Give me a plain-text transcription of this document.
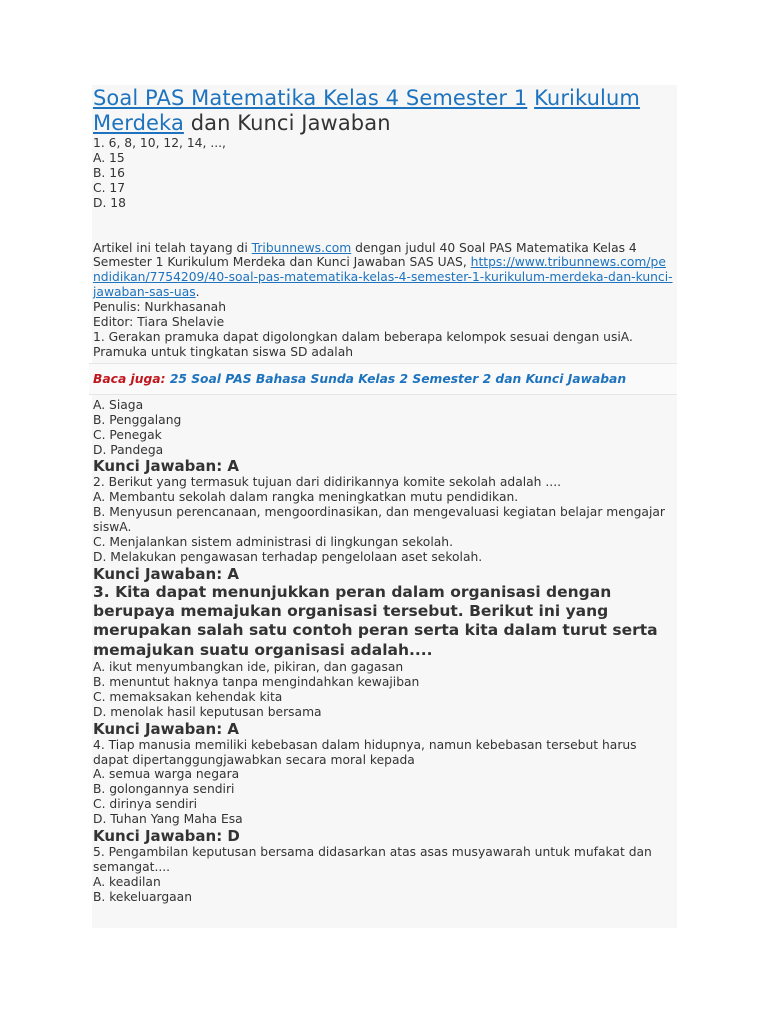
Soal PAS Matematika Kelas 4 Semester 1 Kurikulum Merdeka dan Kunci Jawaban

1. 6, 8, 10, 12, 14, ...,

A. 15

B. 16

C. 17

D. 18

Artikel ini telah tayang di Tribunnews.com dengan judul 40 Soal PAS Matematika Kelas 4 Semester 1 Kurikulum Merdeka dan Kunci Jawaban SAS UAS, https://www.tribunnews.com/pendidikan/7754209/40-soal-pas-matematika-kelas-4-semester-1-kurikulum-merdeka-dan-kunci-jawaban-sas-uas.

Penulis: Nurkhasanah

Editor: Tiara Shelavie

1. Gerakan pramuka dapat digolongkan dalam beberapa kelompok sesuai dengan usiA. Pramuka untuk tingkatan siswa SD adalah

Baca juga: 25 Soal PAS Bahasa Sunda Kelas 2 Semester 2 dan Kunci Jawaban

A. Siaga

B. Penggalang

C. Penegak

D. Pandega

Kunci Jawaban: A

2. Berikut yang termasuk tujuan dari didirikannya komite sekolah adalah ....

A. Membantu sekolah dalam rangka meningkatkan mutu pendidikan.

B. Menyusun perencanaan, mengoordinasikan, dan mengevaluasi kegiatan belajar mengajar siswA.

C. Menjalankan sistem administrasi di lingkungan sekolah.

D. Melakukan pengawasan terhadap pengelolaan aset sekolah.

Kunci Jawaban: A

3. Kita dapat menunjukkan peran dalam organisasi dengan berupaya memajukan organisasi tersebut. Berikut ini yang merupakan salah satu contoh peran serta kita dalam turut serta memajukan suatu organisasi adalah....

A. ikut menyumbangkan ide, pikiran, dan gagasan

B. menuntut haknya tanpa mengindahkan kewajiban

C. memaksakan kehendak kita

D. menolak hasil keputusan bersama

Kunci Jawaban: A

4. Tiap manusia memiliki kebebasan dalam hidupnya, namun kebebasan tersebut harus dapat dipertanggungjawabkan secara moral kepada

A. semua warga negara

B. golongannya sendiri

C. dirinya sendiri

D. Tuhan Yang Maha Esa

Kunci Jawaban: D

5. Pengambilan keputusan bersama didasarkan atas asas musyawarah untuk mufakat dan semangat....

A. keadilan

B. kekeluargaan
